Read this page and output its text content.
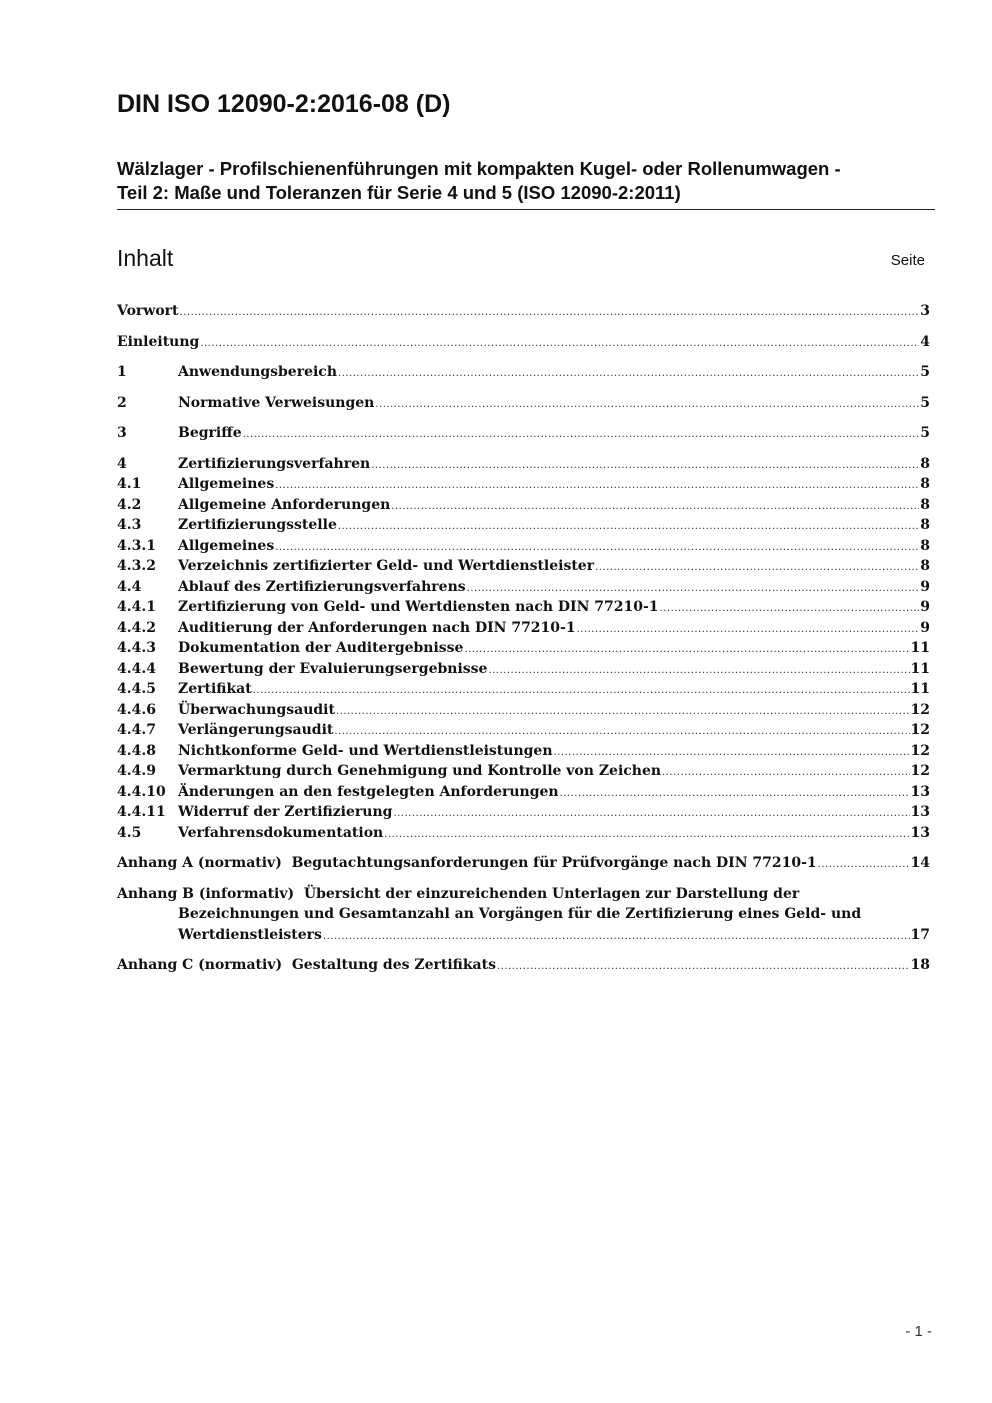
DIN ISO 12090-2:2016-08 (D)
Wälzlager - Profilschienenführungen mit kompakten Kugel- oder Rollenumwagen -
Teil 2: Maße und Toleranzen für Serie 4 und 5 (ISO 12090-2:2011)
Inhalt	Seite
Vorwort .....	3
Einleitung .....	4
1	Anwendungsbereich .....	5
2	Normative Verweisungen .....	5
3	Begriffe .....	5
4	Zertifizierungsverfahren .....	8
4.1	Allgemeines .....	8
4.2	Allgemeine Anforderungen .....	8
4.3	Zertifizierungsstelle .....	8
4.3.1	Allgemeines .....	8
4.3.2	Verzeichnis zertifizierter Geld- und Wertdienstleister .....	8
4.4	Ablauf des Zertifizierungsverfahrens .....	9
4.4.1	Zertifizierung von Geld- und Wertdiensten nach DIN 77210-1 .....	9
4.4.2	Auditierung der Anforderungen nach DIN 77210-1 .....	9
4.4.3	Dokumentation der Auditergebnisse .....	11
4.4.4	Bewertung der Evaluierungsergebnisse .....	11
4.4.5	Zertifikat .....	11
4.4.6	Überwachungsaudit .....	12
4.4.7	Verlängerungsaudit .....	12
4.4.8	Nichtkonforme Geld- und Wertdienstleistungen .....	12
4.4.9	Vermarktung durch Genehmigung und Kontrolle von Zeichen .....	12
4.4.10 Änderungen an den festgelegten Anforderungen .....	13
4.4.11 Widerruf der Zertifizierung .....	13
4.5	Verfahrensdokumentation .....	13
Anhang A (normativ)  Begutachtungsanforderungen für Prüfvorgänge nach DIN 77210-1 .....	14
Anhang B (informativ)  Übersicht der einzureichenden Unterlagen zur Darstellung der
Bezeichnungen und Gesamtanzahl an Vorgängen für die Zertifizierung eines Geld- und
Wertdienstleisters .....	17
Anhang C (normativ)  Gestaltung des Zertifikats .....	18
- 1 -
